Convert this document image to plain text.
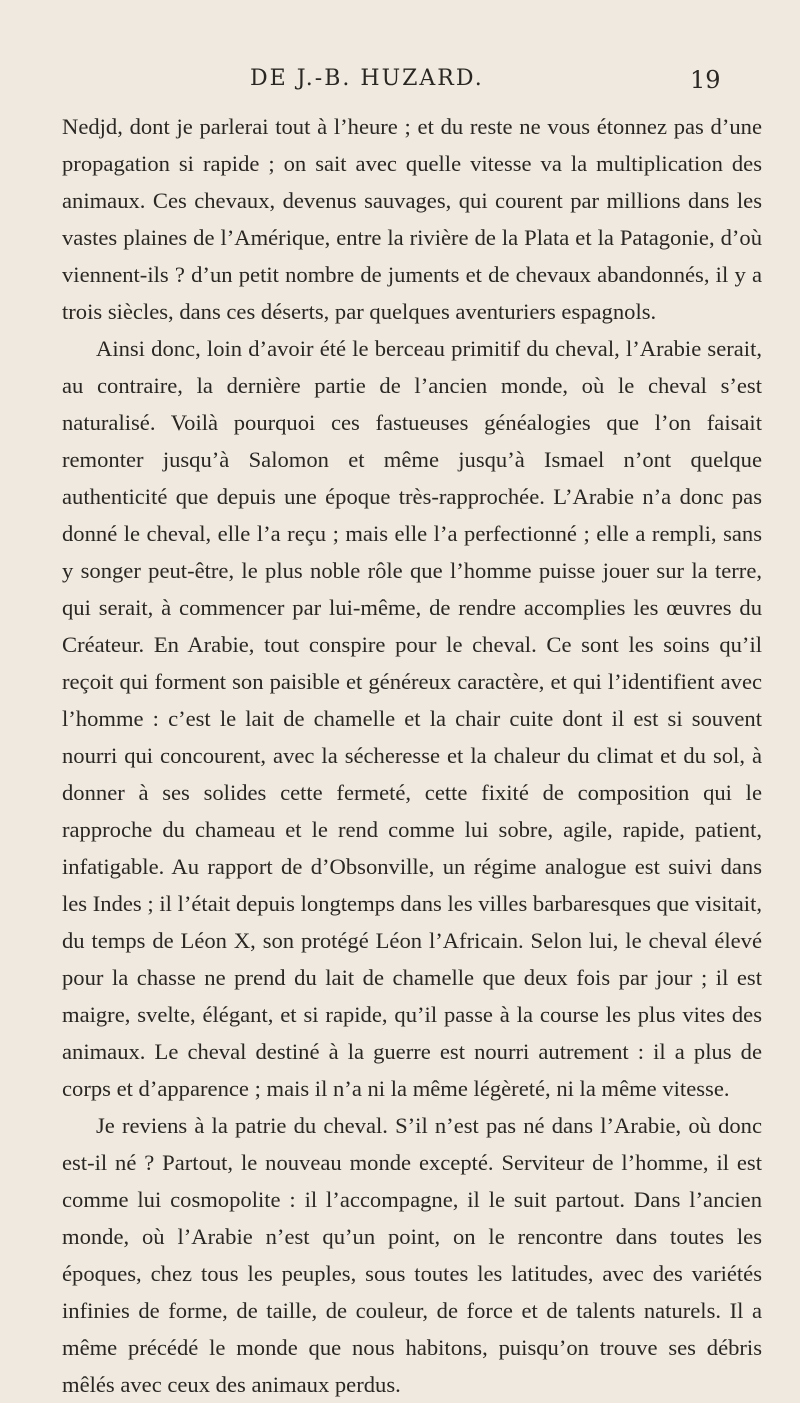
DE J.-B. HUZARD.	19

Nedjd, dont je parlerai tout à l’heure ; et du reste ne vous étonnez pas d’une propagation si rapide ; on sait avec quelle vitesse va la multiplication des animaux. Ces chevaux, devenus sauvages, qui courent par millions dans les vastes plaines de l’Amérique, entre la rivière de la Plata et la Patagonie, d’où viennent-ils ? d’un petit nombre de juments et de chevaux abandonnés, il y a trois siècles, dans ces déserts, par quelques aventuriers espagnols.

Ainsi donc, loin d’avoir été le berceau primitif du cheval, l’Arabie serait, au contraire, la dernière partie de l’ancien monde, où le cheval s’est naturalisé. Voilà pourquoi ces fastueuses généalogies que l’on faisait remonter jusqu’à Salomon et même jusqu’à Ismael n’ont quelque authenticité que depuis une époque très-rapprochée. L’Arabie n’a donc pas donné le cheval, elle l’a reçu ; mais elle l’a perfectionné ; elle a rempli, sans y songer peut-être, le plus noble rôle que l’homme puisse jouer sur la terre, qui serait, à commencer par lui-même, de rendre accomplies les œuvres du Créateur. En Arabie, tout conspire pour le cheval. Ce sont les soins qu’il reçoit qui forment son paisible et généreux caractère, et qui l’identifient avec l’homme : c’est le lait de chamelle et la chair cuite dont il est si souvent nourri qui concourent, avec la sécheresse et la chaleur du climat et du sol, à donner à ses solides cette fermeté, cette fixité de composition qui le rapproche du chameau et le rend comme lui sobre, agile, rapide, patient, infatigable. Au rapport de d’Obsonville, un régime analogue est suivi dans les Indes ; il l’était depuis longtemps dans les villes barbaresques que visitait, du temps de Léon X, son protégé Léon l’Africain. Selon lui, le cheval élevé pour la chasse ne prend du lait de chamelle que deux fois par jour ; il est maigre, svelte, élégant, et si rapide, qu’il passe à la course les plus vites des animaux. Le cheval destiné à la guerre est nourri autrement : il a plus de corps et d’apparence ; mais il n’a ni la même légèreté, ni la même vitesse.

Je reviens à la patrie du cheval. S’il n’est pas né dans l’Arabie, où donc est-il né ? Partout, le nouveau monde excepté. Serviteur de l’homme, il est comme lui cosmopolite : il l’accompagne, il le suit partout. Dans l’ancien monde, où l’Arabie n’est qu’un point, on le rencontre dans toutes les époques, chez tous les peuples, sous toutes les latitudes, avec des variétés infinies de forme, de taille, de couleur, de force et de talents naturels. Il a même précédé le monde que nous habitons, puisqu’on trouve ses débris mêlés avec ceux des animaux perdus.
